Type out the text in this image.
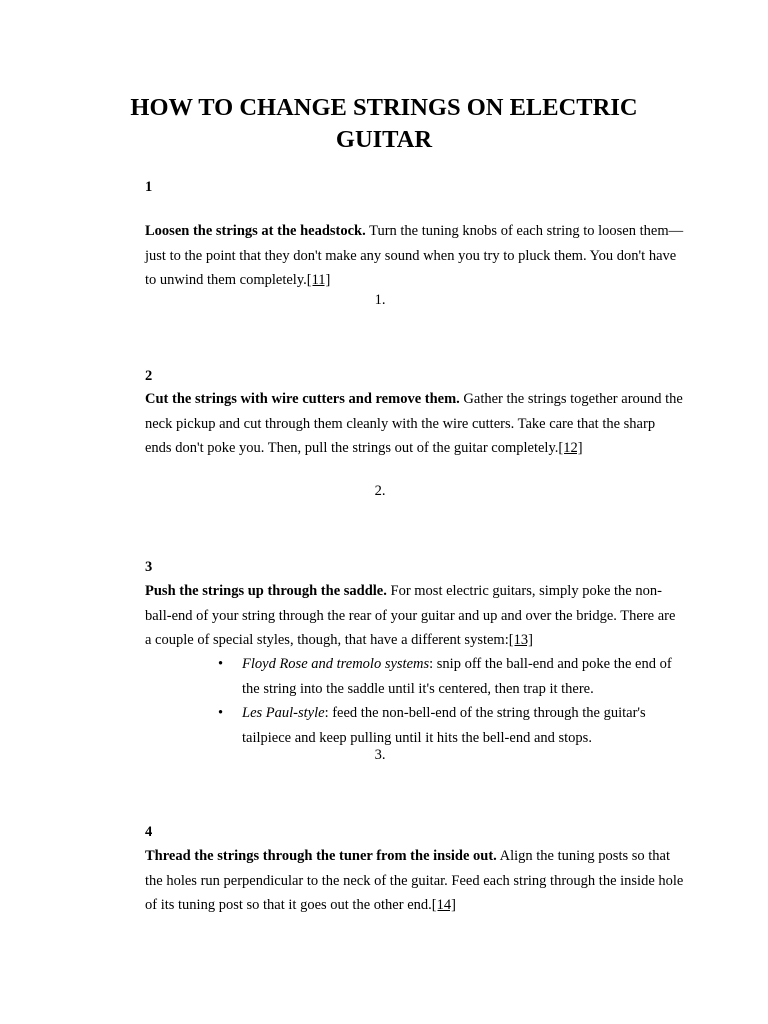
HOW TO CHANGE STRINGS ON ELECTRIC GUITAR
1

Loosen the strings at the headstock. Turn the tuning knobs of each string to loosen them—just to the point that they don't make any sound when you try to pluck them. You don't have to unwind them completely.[11]

1.
2

Cut the strings with wire cutters and remove them. Gather the strings together around the neck pickup and cut through them cleanly with the wire cutters. Take care that the sharp ends don't poke you. Then, pull the strings out of the guitar completely.[12]

2.
3

Push the strings up through the saddle. For most electric guitars, simply poke the non-ball-end of your string through the rear of your guitar and up and over the bridge. There are a couple of special styles, though, that have a different system:[13]

• Floyd Rose and tremolo systems: snip off the ball-end and poke the end of the string into the saddle until it's centered, then trap it there.
• Les Paul-style: feed the non-bell-end of the string through the guitar's tailpiece and keep pulling until it hits the bell-end and stops.
3.
4

Thread the strings through the tuner from the inside out. Align the tuning posts so that the holes run perpendicular to the neck of the guitar. Feed each string through the inside hole of its tuning post so that it goes out the other end.[14]
